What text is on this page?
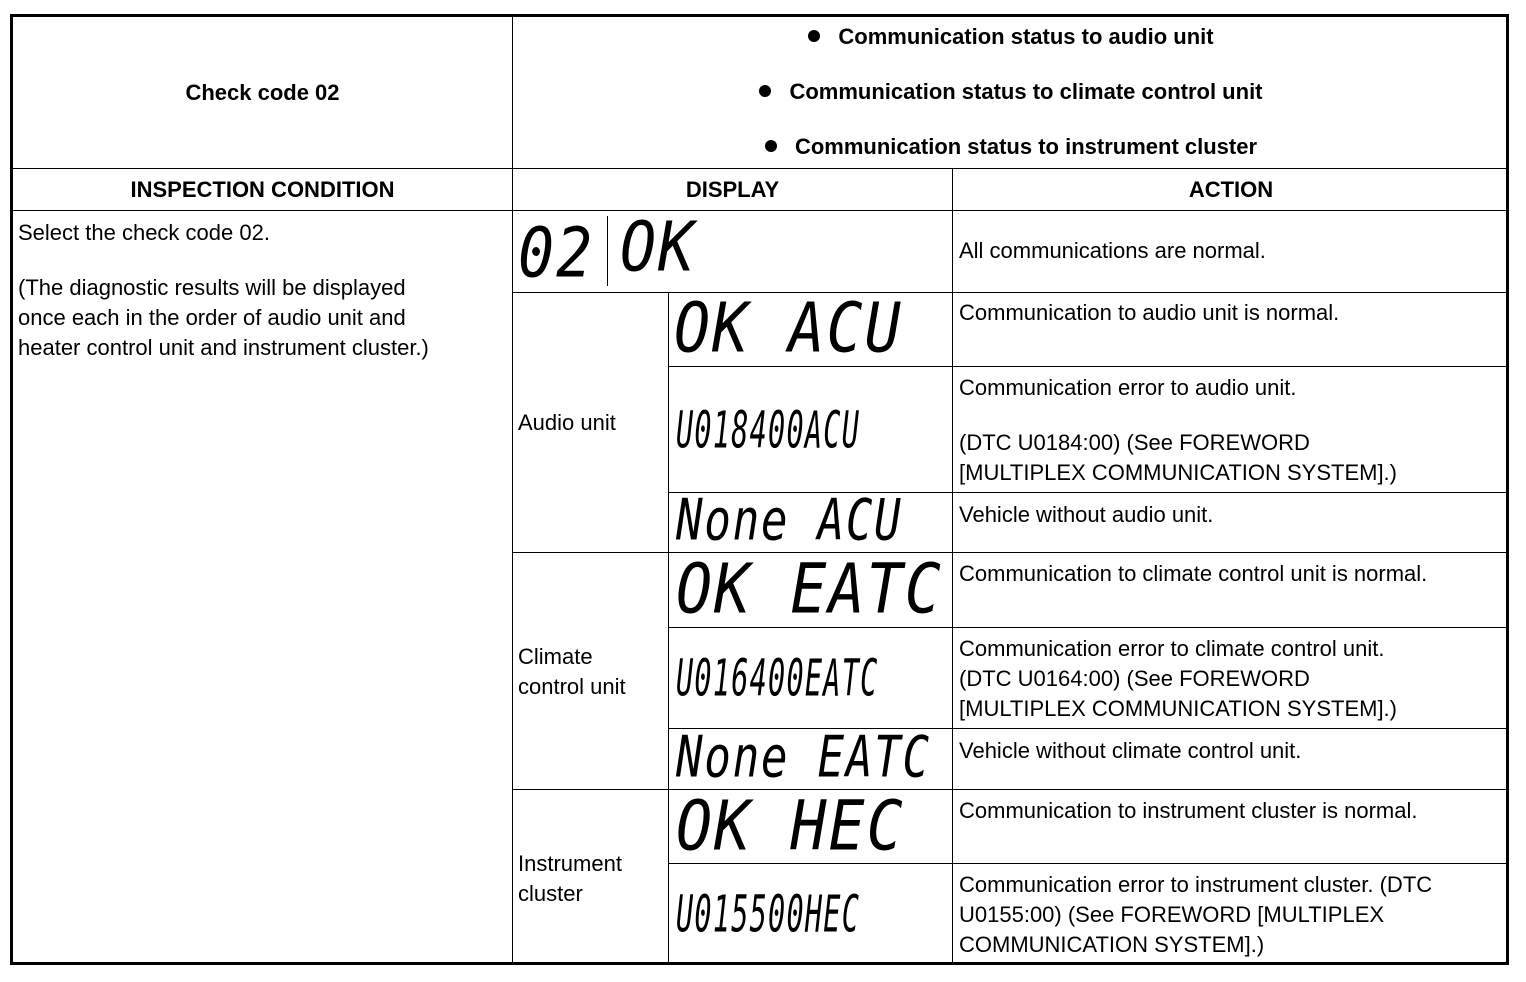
Check code 02
Communication status to audio unit
Communication status to climate control unit
Communication status to instrument cluster
INSPECTION CONDITION	DISPLAY	ACTION
Select the check code 02.
(The diagnostic results will be displayed
once each in the order of audio unit and
heater control unit and instrument cluster.)
Audio unit
Climate
control unit
Instrument
cluster
02 OK
OK ACU
U018400ACU
None ACU
OK EATC
U016400EATC
None EATC
OK HEC
U015500HEC
All communications are normal.
Communication to audio unit is normal.
Communication error to audio unit.
(DTC U0184:00) (See FOREWORD
[MULTIPLEX COMMUNICATION SYSTEM].)
Vehicle without audio unit.
Communication to climate control unit is normal.
Communication error to climate control unit.
(DTC U0164:00) (See FOREWORD
[MULTIPLEX COMMUNICATION SYSTEM].)
Vehicle without climate control unit.
Communication to instrument cluster is normal.
Communication error to instrument cluster. (DTC
U0155:00) (See FOREWORD [MULTIPLEX
COMMUNICATION SYSTEM].)
